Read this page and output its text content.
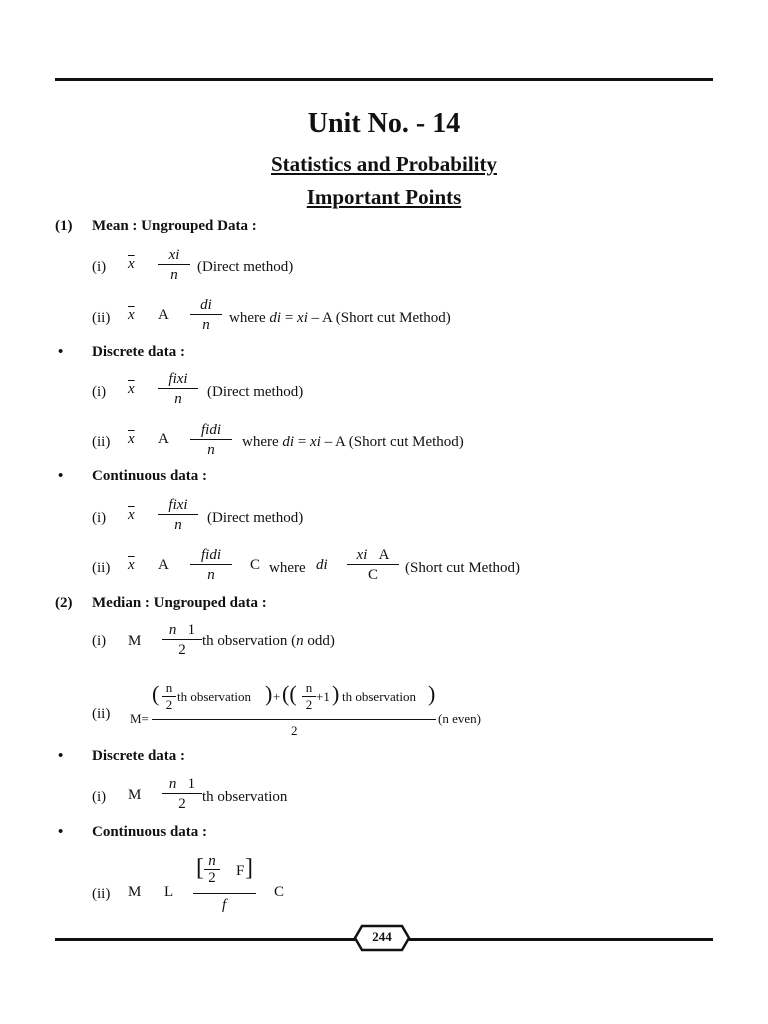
Unit No. - 14
Statistics and Probability
Important Points
(1) Mean : Ungrouped Data :
(i) $\overline{x}$
xi
n (Direct method)
(ii) $\overline{x}$ A
di
n where di = xi – A (Short cut Method)
• Discrete data :
(i) $\overline{x}$
fixi
n (Direct method)
(ii) $\overline{x}$ A
fidi
n where di = xi – A (Short cut Method)
• Continuous data :
(i) $\overline{x}$
fixi
n (Direct method)
(ii) $\overline{x}$ A
fidi
n
C where di
xi A
C (Short cut Method)
(2) Median : Ungrouped data :
(i) M
n 1
2
th observation (n odd)
(ii) M=
( n
2
th observation ) + (( n
2
+1 ) th observation )
2
(n even)
• Discrete data :
(i) M
n 1
2 th observation
• Continuous data :
(ii) M L
[ n
2 F ]
f
C
244
